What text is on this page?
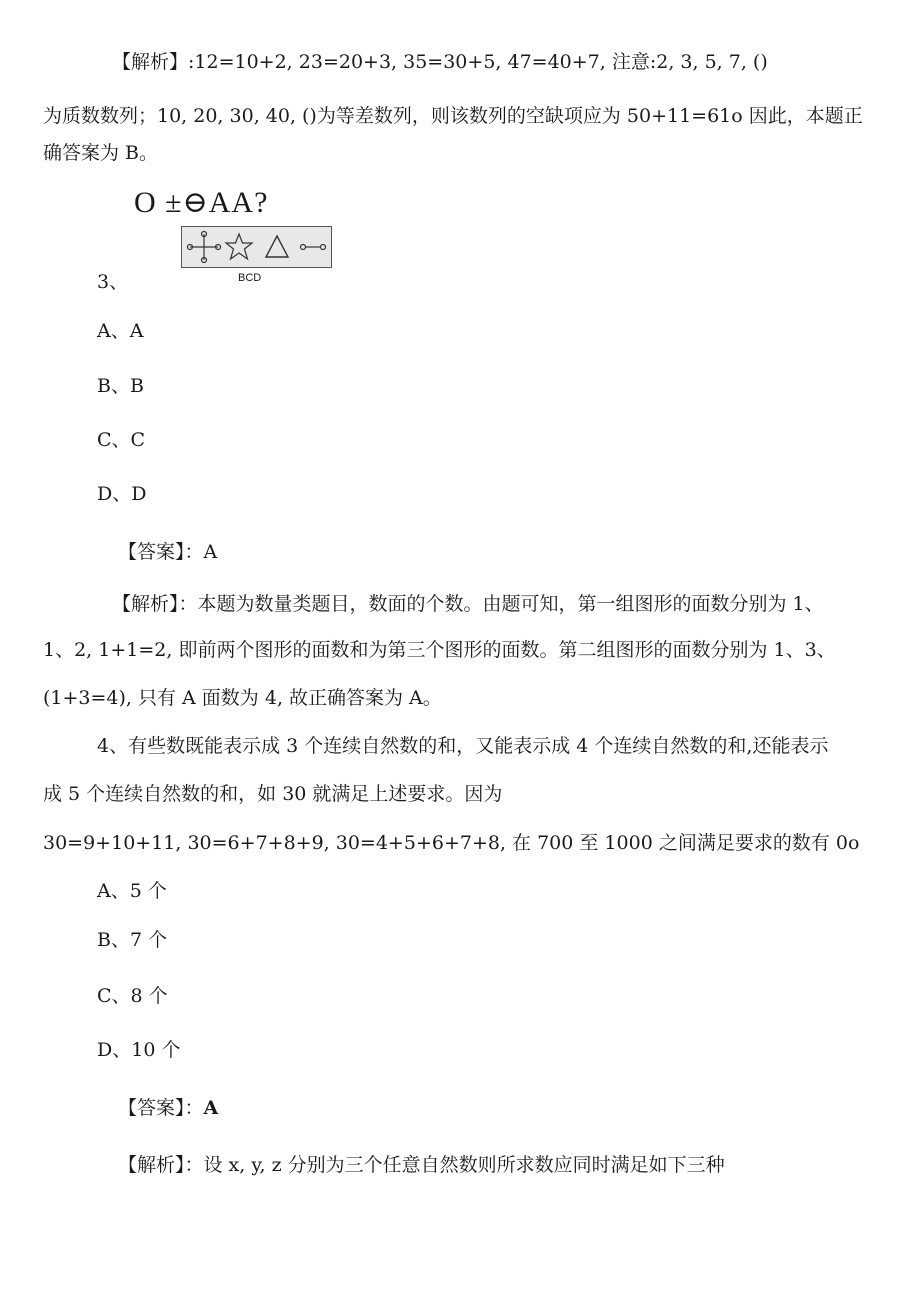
【解析】:12=10+2, 23=20+3, 35=30+5, 47=40+7, 注意:2, 3, 5, 7, ()
为质数数列；10, 20, 30, 40, ()为等差数列，则该数列的空缺项应为 50+11=61o 因此，本题正
确答案为 B。
O ±⊖AA?
BCD
3、
A、A
B、B
C、C
D、D
【答案】：A
【解析】：本题为数量类题目，数面的个数。由题可知，第一组图形的面数分别为 1、
1、2, 1+1=2, 即前两个图形的面数和为第三个图形的面数。第二组图形的面数分别为 1、3、
(1+3=4), 只有 A 面数为 4, 故正确答案为 A。
4、有些数既能表示成 3 个连续自然数的和，又能表示成 4 个连续自然数的和,还能表示
成 5 个连续自然数的和，如 30 就满足上述要求。因为
30=9+10+11, 30=6+7+8+9, 30=4+5+6+7+8, 在 700 至 1000 之间满足要求的数有 0o
A、5 个
B、7 个
C、8 个
D、10 个
【答案】：A
【解析】：设 x, y, z 分别为三个任意自然数则所求数应同时满足如下三种
